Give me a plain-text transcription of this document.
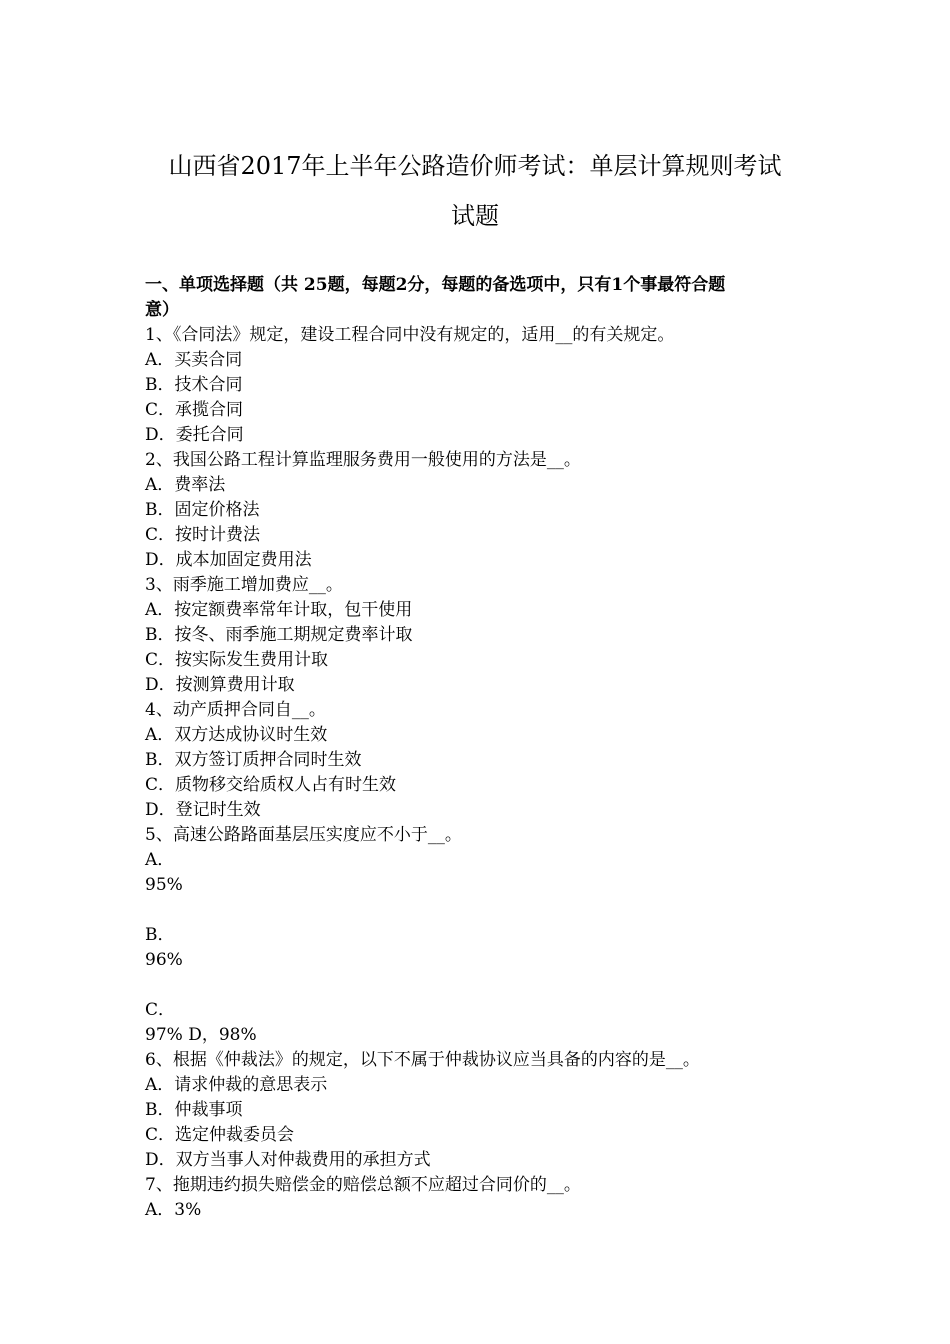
山西省2017年上半年公路造价师考试：单层计算规则考试
试题

一、单项选择题（共 25题，每题2分，每题的备选项中，只有1个事最符合题

意）

1、《合同法》规定，建设工程合同中没有规定的，适用__的有关规定。

A．买卖合同

B．技术合同

C．承揽合同

D．委托合同

2、我国公路工程计算监理服务费用一般使用的方法是__。

A．费率法

B．固定价格法

C．按时计费法

D．成本加固定费用法

3、雨季施工增加费应__。

A．按定额费率常年计取，包干使用

B．按冬、雨季施工期规定费率计取

C．按实际发生费用计取

D．按测算费用计取

4、动产质押合同自__。

A．双方达成协议时生效

B．双方签订质押合同时生效

C．质物移交给质权人占有时生效

D．登记时生效

5、高速公路路面基层压实度应不小于__。

A．

95%

B．

96%

C．

97% D，98%

6、根据《仲裁法》的规定，以下不属于仲裁协议应当具备的内容的是__。

A．请求仲裁的意思表示

B．仲裁事项

C．选定仲裁委员会

D．双方当事人对仲裁费用的承担方式

7、拖期违约损失赔偿金的赔偿总额不应超过合同价的__。

A．3%
